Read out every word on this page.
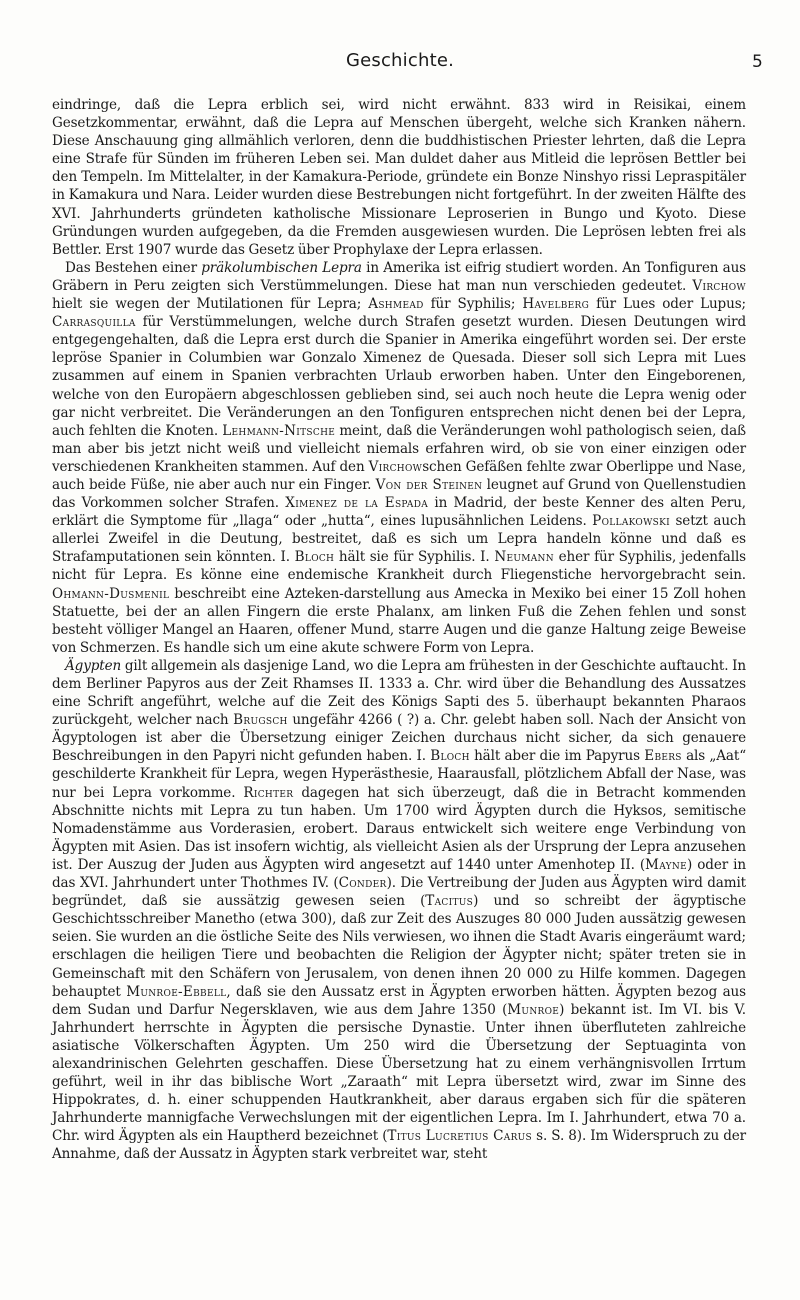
Geschichte.	5

eindringe, daß die Lepra erblich sei, wird nicht erwähnt. 833 wird in Reisikai, einem Gesetzkommentar, erwähnt, daß die Lepra auf Menschen übergeht, welche sich Kranken nähern. Diese Anschauung ging allmählich verloren, denn die buddhistischen Priester lehrten, daß die Lepra eine Strafe für Sünden im früheren Leben sei. Man duldet daher aus Mitleid die leprösen Bettler bei den Tempeln. Im Mittelalter, in der Kamakura-Periode, gründete ein Bonze Ninshyo rissi Lepraspitäler in Kamakura und Nara. Leider wurden diese Bestrebungen nicht fortgeführt. In der zweiten Hälfte des XVI. Jahrhunderts gründeten katholische Missionare Leproserien in Bungo und Kyoto. Diese Gründungen wurden aufgegeben, da die Fremden ausgewiesen wurden. Die Leprösen lebten frei als Bettler. Erst 1907 wurde das Gesetz über Prophylaxe der Lepra erlassen.

Das Bestehen einer präkolumbischen Lepra in Amerika ist eifrig studiert worden. An Tonfiguren aus Gräbern in Peru zeigten sich Verstümmelungen. Diese hat man nun verschieden gedeutet. Virchow hielt sie wegen der Mutilationen für Lepra; Ashmead für Syphilis; Havelberg für Lues oder Lupus; Carrasquilla für Verstümmelungen, welche durch Strafen gesetzt wurden. Diesen Deutungen wird entgegengehalten, daß die Lepra erst durch die Spanier in Amerika eingeführt worden sei. Der erste lepröse Spanier in Columbien war Gonzalo Ximenez de Quesada. Dieser soll sich Lepra mit Lues zusammen auf einem in Spanien verbrachten Urlaub erworben haben. Unter den Eingeborenen, welche von den Europäern abgeschlossen geblieben sind, sei auch noch heute die Lepra wenig oder gar nicht verbreitet. Die Veränderungen an den Tonfiguren entsprechen nicht denen bei der Lepra, auch fehlten die Knoten. Lehmann-Nitsche meint, daß die Veränderungen wohl pathologisch seien, daß man aber bis jetzt nicht weiß und vielleicht niemals erfahren wird, ob sie von einer einzigen oder verschiedenen Krankheiten stammen. Auf den Virchowschen Gefäßen fehlte zwar Oberlippe und Nase, auch beide Füße, nie aber auch nur ein Finger. Von der Steinen leugnet auf Grund von Quellenstudien das Vorkommen solcher Strafen. Ximenez de la Espada in Madrid, der beste Kenner des alten Peru, erklärt die Symptome für „llaga“ oder „hutta“, eines lupusähnlichen Leidens. Pollakowski setzt auch allerlei Zweifel in die Deutung, bestreitet, daß es sich um Lepra handeln könne und daß es Strafamputationen sein könnten. I. Bloch hält sie für Syphilis. I. Neumann eher für Syphilis, jedenfalls nicht für Lepra. Es könne eine endemische Krankheit durch Fliegenstiche hervorgebracht sein. Ohmann-Dusmenil beschreibt eine Azteken-darstellung aus Amecka in Mexiko bei einer 15 Zoll hohen Statuette, bei der an allen Fingern die erste Phalanx, am linken Fuß die Zehen fehlen und sonst besteht völliger Mangel an Haaren, offener Mund, starre Augen und die ganze Haltung zeige Beweise von Schmerzen. Es handle sich um eine akute schwere Form von Lepra.

Ägypten gilt allgemein als dasjenige Land, wo die Lepra am frühesten in der Geschichte auftaucht. In dem Berliner Papyros aus der Zeit Rhamses II. 1333 a. Chr. wird über die Behandlung des Aussatzes eine Schrift angeführt, welche auf die Zeit des Königs Sapti des 5. überhaupt bekannten Pharaos zurückgeht, welcher nach Brugsch ungefähr 4266 ( ?) a. Chr. gelebt haben soll. Nach der Ansicht von Ägyptologen ist aber die Übersetzung einiger Zeichen durchaus nicht sicher, da sich genauere Beschreibungen in den Papyri nicht gefunden haben. I. Bloch hält aber die im Papyrus Ebers als „Aat“ geschilderte Krankheit für Lepra, wegen Hyperästhesie, Haarausfall, plötzlichem Abfall der Nase, was nur bei Lepra vorkomme. Richter dagegen hat sich überzeugt, daß die in Betracht kommenden Abschnitte nichts mit Lepra zu tun haben. Um 1700 wird Ägypten durch die Hyksos, semitische Nomadenstämme aus Vorderasien, erobert. Daraus entwickelt sich weitere enge Verbindung von Ägypten mit Asien. Das ist insofern wichtig, als vielleicht Asien als der Ursprung der Lepra anzusehen ist. Der Auszug der Juden aus Ägypten wird angesetzt auf 1440 unter Amenhotep II. (Mayne) oder in das XVI. Jahrhundert unter Thothmes IV. (Conder). Die Vertreibung der Juden aus Ägypten wird damit begründet, daß sie aussätzig gewesen seien (Tacitus) und so schreibt der ägyptische Geschichtsschreiber Manetho (etwa 300), daß zur Zeit des Auszuges 80 000 Juden aussätzig gewesen seien. Sie wurden an die östliche Seite des Nils verwiesen, wo ihnen die Stadt Avaris eingeräumt ward; erschlagen die heiligen Tiere und beobachten die Religion der Ägypter nicht; später treten sie in Gemeinschaft mit den Schäfern von Jerusalem, von denen ihnen 20 000 zu Hilfe kommen. Dagegen behauptet Munroe-Ebbell, daß sie den Aussatz erst in Ägypten erworben hätten. Ägypten bezog aus dem Sudan und Darfur Negersklaven, wie aus dem Jahre 1350 (Munroe) bekannt ist. Im VI. bis V. Jahrhundert herrschte in Ägypten die persische Dynastie. Unter ihnen überfluteten zahlreiche asiatische Völkerschaften Ägypten. Um 250 wird die Übersetzung der Septuaginta von alexandrinischen Gelehrten geschaffen. Diese Übersetzung hat zu einem verhängnisvollen Irrtum geführt, weil in ihr das biblische Wort „Zaraath“ mit Lepra übersetzt wird, zwar im Sinne des Hippokrates, d. h. einer schuppenden Hautkrankheit, aber daraus ergaben sich für die späteren Jahrhunderte mannigfache Verwechslungen mit der eigentlichen Lepra. Im I. Jahrhundert, etwa 70 a. Chr. wird Ägypten als ein Hauptherd bezeichnet (Titus Lucretius Carus s. S. 8). Im Widerspruch zu der Annahme, daß der Aussatz in Ägypten stark verbreitet war, steht
